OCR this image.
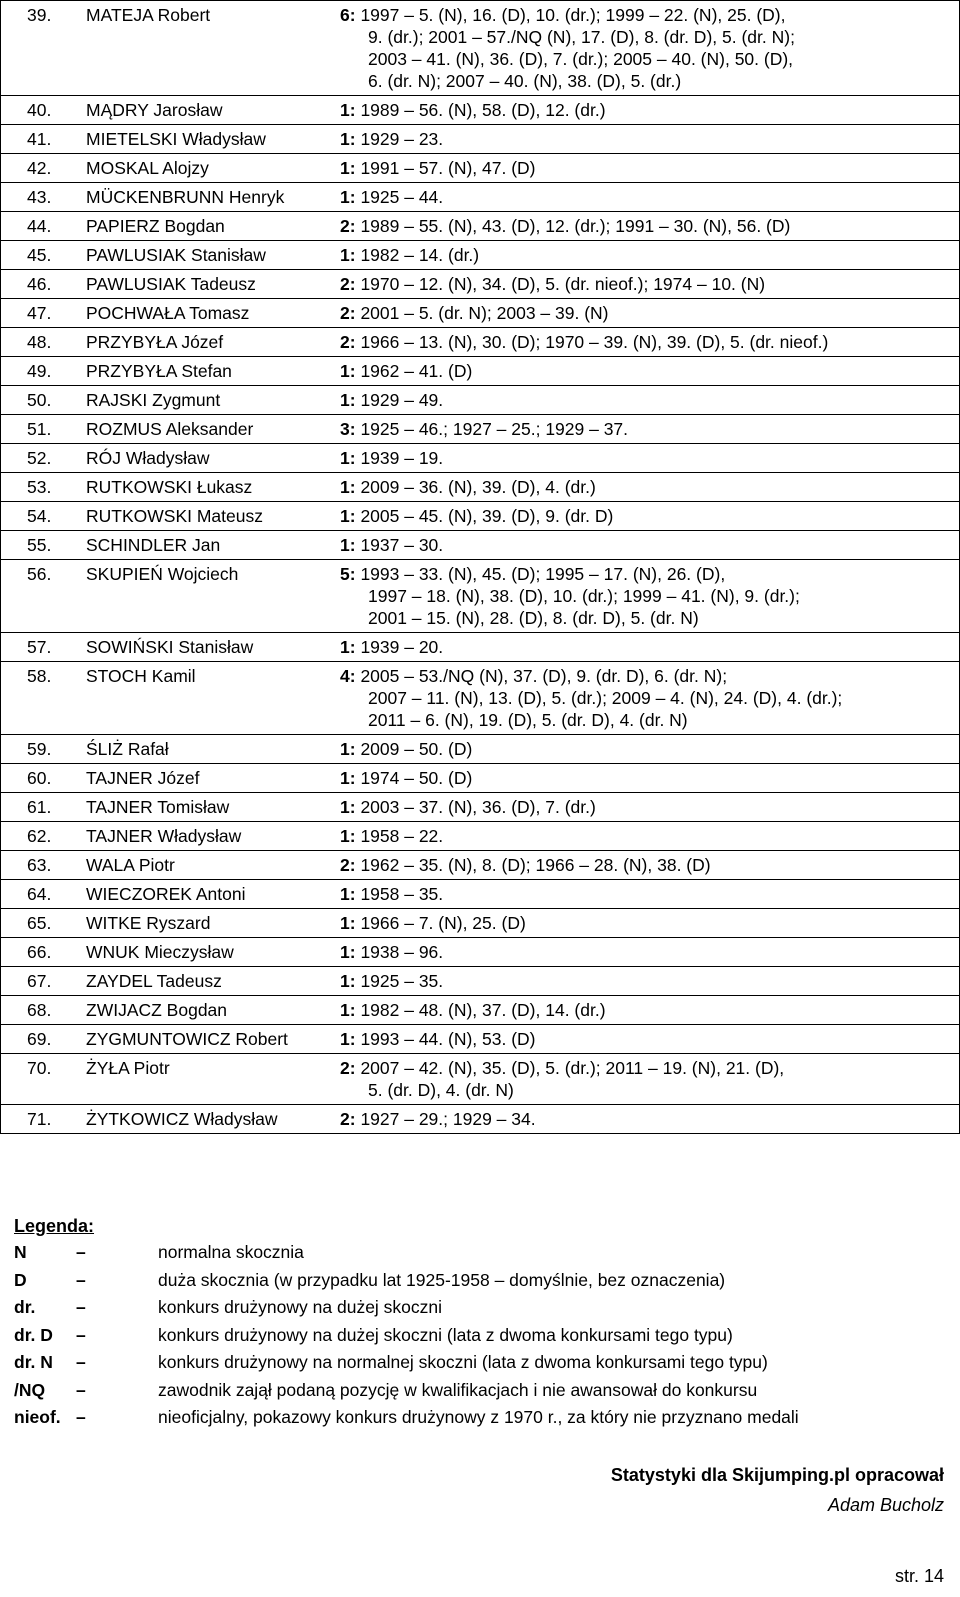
39.	MATEJA Robert	6: 1997 – 5. (N), 16. (D), 10. (dr.); 1999 – 22. (N), 25. (D),
9. (dr.); 2001 – 57./NQ (N), 17. (D), 8. (dr. D), 5. (dr. N);
2003 – 41. (N), 36. (D), 7. (dr.); 2005 – 40. (N), 50. (D),
6. (dr. N); 2007 – 40. (N), 38. (D), 5. (dr.)

40.	MĄDRY Jarosław	1: 1989 – 56. (N), 58. (D), 12. (dr.)

41.	MIETELSKI Władysław	1: 1929 – 23.

42.	MOSKAL Alojzy	1: 1991 – 57. (N), 47. (D)

43.	MÜCKENBRUNN Henryk	1: 1925 – 44.

44.	PAPIERZ Bogdan	2: 1989 – 55. (N), 43. (D), 12. (dr.); 1991 – 30. (N), 56. (D)

45.	PAWLUSIAK Stanisław	1: 1982 – 14. (dr.)

46.	PAWLUSIAK Tadeusz	2: 1970 – 12. (N), 34. (D), 5. (dr. nieof.); 1974 – 10. (N)

47.	POCHWAŁA Tomasz	2: 2001 – 5. (dr. N); 2003 – 39. (N)

48.	PRZYBYŁA Józef	2: 1966 – 13. (N), 30. (D); 1970 – 39. (N), 39. (D), 5. (dr. nieof.)

49.	PRZYBYŁA Stefan	1: 1962 – 41. (D)

50.	RAJSKI Zygmunt	1: 1929 – 49.

51.	ROZMUS Aleksander	3: 1925 – 46.; 1927 – 25.; 1929 – 37.

52.	RÓJ Władysław	1: 1939 – 19.

53.	RUTKOWSKI Łukasz	1: 2009 – 36. (N), 39. (D), 4. (dr.)

54.	RUTKOWSKI Mateusz	1: 2005 – 45. (N), 39. (D), 9. (dr. D)

55.	SCHINDLER Jan	1: 1937 – 30.

56.	SKUPIEŃ Wojciech	5: 1993 – 33. (N), 45. (D); 1995 – 17. (N), 26. (D),
1997 – 18. (N), 38. (D), 10. (dr.); 1999 – 41. (N), 9. (dr.);
2001 – 15. (N), 28. (D), 8. (dr. D), 5. (dr. N)

57.	SOWIŃSKI Stanisław	1: 1939 – 20.

58.	STOCH Kamil	4: 2005 – 53./NQ (N), 37. (D), 9. (dr. D), 6. (dr. N);
2007 – 11. (N), 13. (D), 5. (dr.); 2009 – 4. (N), 24. (D), 4. (dr.);
2011 – 6. (N), 19. (D), 5. (dr. D), 4. (dr. N)

59.	ŚLIŻ Rafał	1: 2009 – 50. (D)

60.	TAJNER Józef	1: 1974 – 50. (D)

61.	TAJNER Tomisław	1: 2003 – 37. (N), 36. (D), 7. (dr.)

62.	TAJNER Władysław	1: 1958 – 22.

63.	WALA Piotr	2: 1962 – 35. (N), 8. (D); 1966 – 28. (N), 38. (D)

64.	WIECZOREK Antoni	1: 1958 – 35.

65.	WITKE Ryszard	1: 1966 – 7. (N), 25. (D)

66.	WNUK Mieczysław	1: 1938 – 96.

67.	ZAYDEL Tadeusz	1: 1925 – 35.

68.	ZWIJACZ Bogdan	1: 1982 – 48. (N), 37. (D), 14. (dr.)

69.	ZYGMUNTOWICZ Robert	1: 1993 – 44. (N), 53. (D)

70.	ŻYŁA Piotr	2: 2007 – 42. (N), 35. (D), 5. (dr.); 2011 – 19. (N), 21. (D),
5. (dr. D), 4. (dr. N)

71.	ŻYTKOWICZ Władysław	2: 1927 – 29.; 1929 – 34.
Legenda:
N	–	normalna skocznia
D	–	duża skocznia (w przypadku lat 1925-1958 – domyślnie, bez oznaczenia)
dr.	–	konkurs drużynowy na dużej skoczni
dr. D	–	konkurs drużynowy na dużej skoczni (lata z dwoma konkursami tego typu)
dr. N	–	konkurs drużynowy na normalnej skoczni (lata z dwoma konkursami tego typu)
/NQ	–	zawodnik zajął podaną pozycję w kwalifikacjach i nie awansował do konkursu
nieof. –	nieoficjalny, pokazowy konkurs drużynowy z 1970 r., za który nie przyznano medali
Statystyki dla Skijumping.pl opracował
Adam Bucholz
str. 14
